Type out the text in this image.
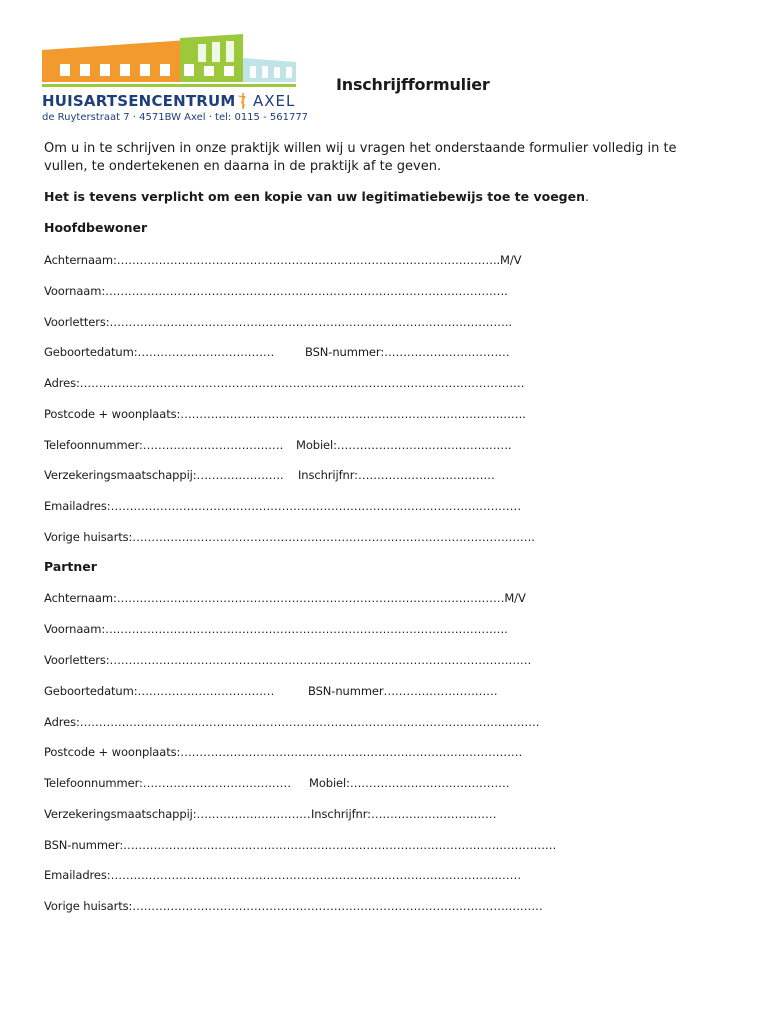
HUISARTSENCENTRUM AXEL
de Ruyterstraat 7 · 4571BW Axel · tel: 0115 - 561777
Inschrijfformulier
Om u in te schrijven in onze praktijk willen wij u vragen het onderstaande formulier volledig in te vullen, te ondertekenen en daarna in de praktijk af te geven.
Het is tevens verplicht om een kopie van uw legitimatiebewijs toe te voegen.
Hoofdbewoner
Achternaam:………………………………………………………………………………………..M/V
Voornaam:…………………………………………………………………………………………….
Voorletters:…………………………………………………………………………………………….
Geboortedatum:………………………………	BSN-nummer:……………………………
Adres:………………………………………………………………………………………………………
Postcode + woonplaats:……………………………………………………………………………….
Telefoonnummer:………………………………. Mobiel:……………………………………….
Verzekeringsmaatschappij:………………….. Inschrijfnr:………………………………
Emailadres:………………………………………………………………………………………………
Vorige huisarts:…………………………………………………………………………………………….
Partner
Achternaam:…………………………………………………………………………………………M/V
Voornaam:…………………………………………………………………………………………….
Voorletters:…………………………………………………………………………………………………
Geboortedatum:………………………………	BSN-nummer…………………………
Adres:………………………………………………………………………………………………………….
Postcode + woonplaats:………………………………………………………………………………
Telefoonnummer:………………………………… Mobiel:……………………………………
Verzekeringsmaatschappij:………………………… Inschrijfnr:……………………………
BSN-nummer:……………………………………………………………………………………………………
Emailadres:………………………………………………………………………………………………
Vorige huisarts:………………………………………………………………………………………………
